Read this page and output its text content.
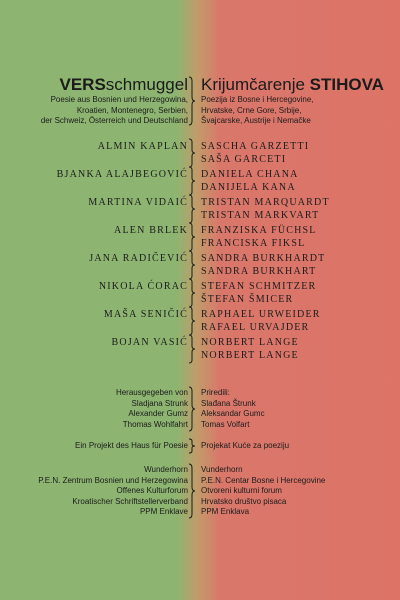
VERSschmuggel Krijumčarenje STIHOVA
Poesie aus Bosnien und Herzegowina,
Kroatien, Montenegro, Serbien,
der Schweiz, Österreich und Deutschland
Poezija iz Bosne i Hercegovine,
Hrvatske, Crne Gore, Srbije,
Švajcarske, Austrije i Nemačke
ALMIN KAPLAN SASCHA GARZETTI
SAŠA GARCETI
BJANKA ALAJBEGOVIĆ DANIELA CHANA
DANIJELA KANA
MARTINA VIDAIĆ TRISTAN MARQUARDT
TRISTAN MARKVART
ALEN BRLEK FRANZISKA FÜCHSL
FRANCISKA FIKSL
JANA RADIČEVIĆ SANDRA BURKHARDT
SANDRA BURKHART
NIKOLA ĆORAC STEFAN SCHMITZER
ŠTEFAN ŠMICER
MAŠA SENIČIĆ RAPHAEL URWEIDER
RAFAEL URVAJDER
BOJAN VASIĆ NORBERT LANGE
NORBERT LANGE
Herausgegeben von
Sladjana Strunk
Alexander Gumz
Thomas Wohlfahrt
Priredili:
Slađana Štrunk
Aleksandar Gumc
Tomas Volfart
Ein Projekt des Haus für Poesie Projekat Kuće za poeziju
Wunderhorn
P.E.N. Zentrum Bosnien und Herzegowina
Offenes Kulturforum
Kroatischer Schriftstellerverband
PPM Enklave
Vunderhorn
P.E.N. Centar Bosne i Hercegovine
Otvoreni kulturni forum
Hrvatsko društvo pisaca
PPM Enklava
